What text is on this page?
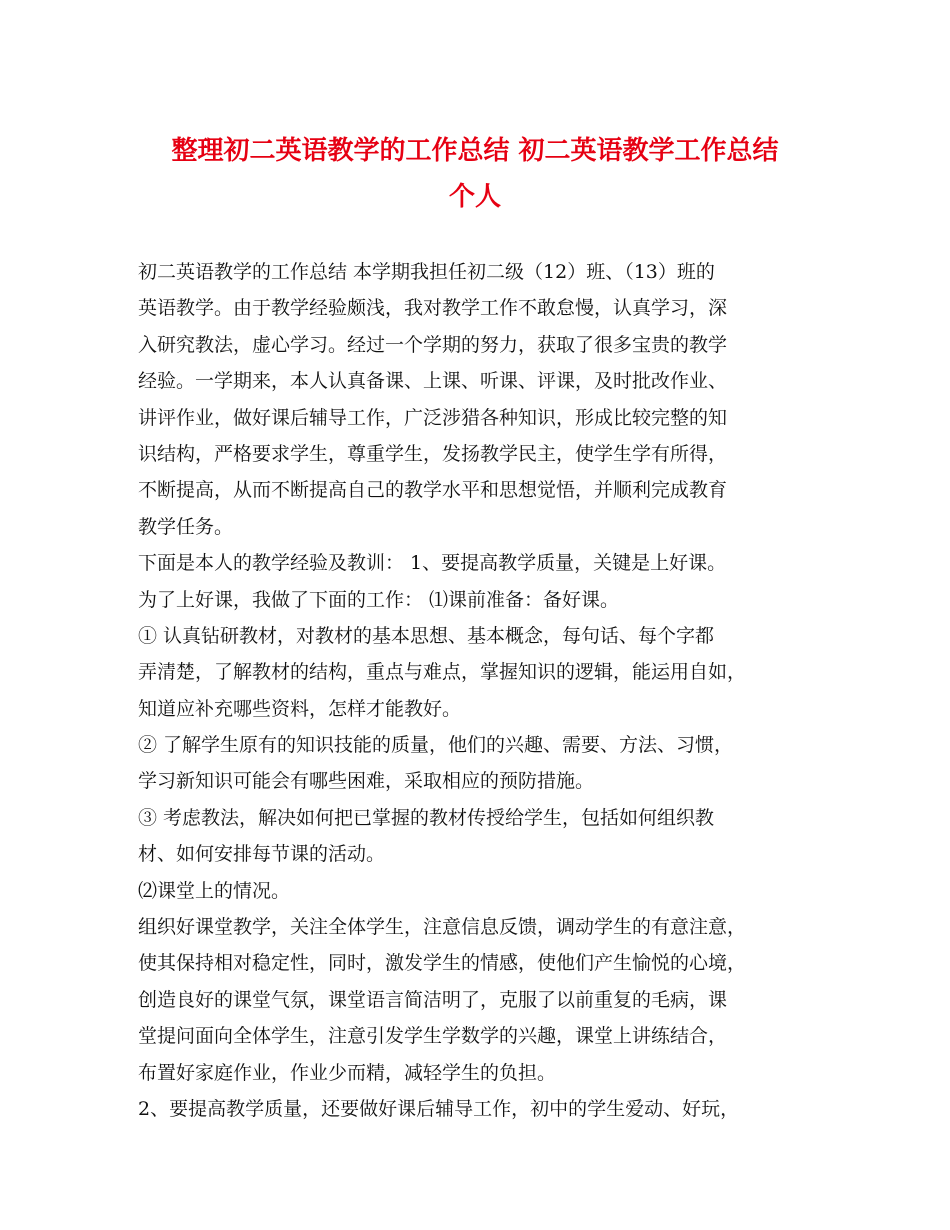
整理初二英语教学的工作总结 初二英语教学工作总结
个人
初二英语教学的工作总结 本学期我担任初二级（12）班、（13）班的
英语教学。由于教学经验颇浅，我对教学工作不敢怠慢，认真学习，深
入研究教法，虚心学习。经过一个学期的努力，获取了很多宝贵的教学
经验。一学期来，本人认真备课、上课、听课、评课，及时批改作业、
讲评作业，做好课后辅导工作，广泛涉猎各种知识，形成比较完整的知
识结构，严格要求学生，尊重学生，发扬教学民主，使学生学有所得，
不断提高，从而不断提高自己的教学水平和思想觉悟，并顺利完成教育
教学任务。
下面是本人的教学经验及教训： 1、要提高教学质量，关键是上好课。
为了上好课，我做了下面的工作： ⑴课前准备：备好课。
① 认真钻研教材，对教材的基本思想、基本概念，每句话、每个字都
弄清楚，了解教材的结构，重点与难点，掌握知识的逻辑，能运用自如，
知道应补充哪些资料，怎样才能教好。
② 了解学生原有的知识技能的质量，他们的兴趣、需要、方法、习惯，
学习新知识可能会有哪些困难，采取相应的预防措施。
③ 考虑教法，解决如何把已掌握的教材传授给学生，包括如何组织教
材、如何安排每节课的活动。
⑵课堂上的情况。
组织好课堂教学，关注全体学生，注意信息反馈，调动学生的有意注意，
使其保持相对稳定性，同时，激发学生的情感，使他们产生愉悦的心境，
创造良好的课堂气氛，课堂语言简洁明了，克服了以前重复的毛病，课
堂提问面向全体学生，注意引发学生学数学的兴趣，课堂上讲练结合，
布置好家庭作业，作业少而精，减轻学生的负担。
2、要提高教学质量，还要做好课后辅导工作，初中的学生爱动、好玩，
